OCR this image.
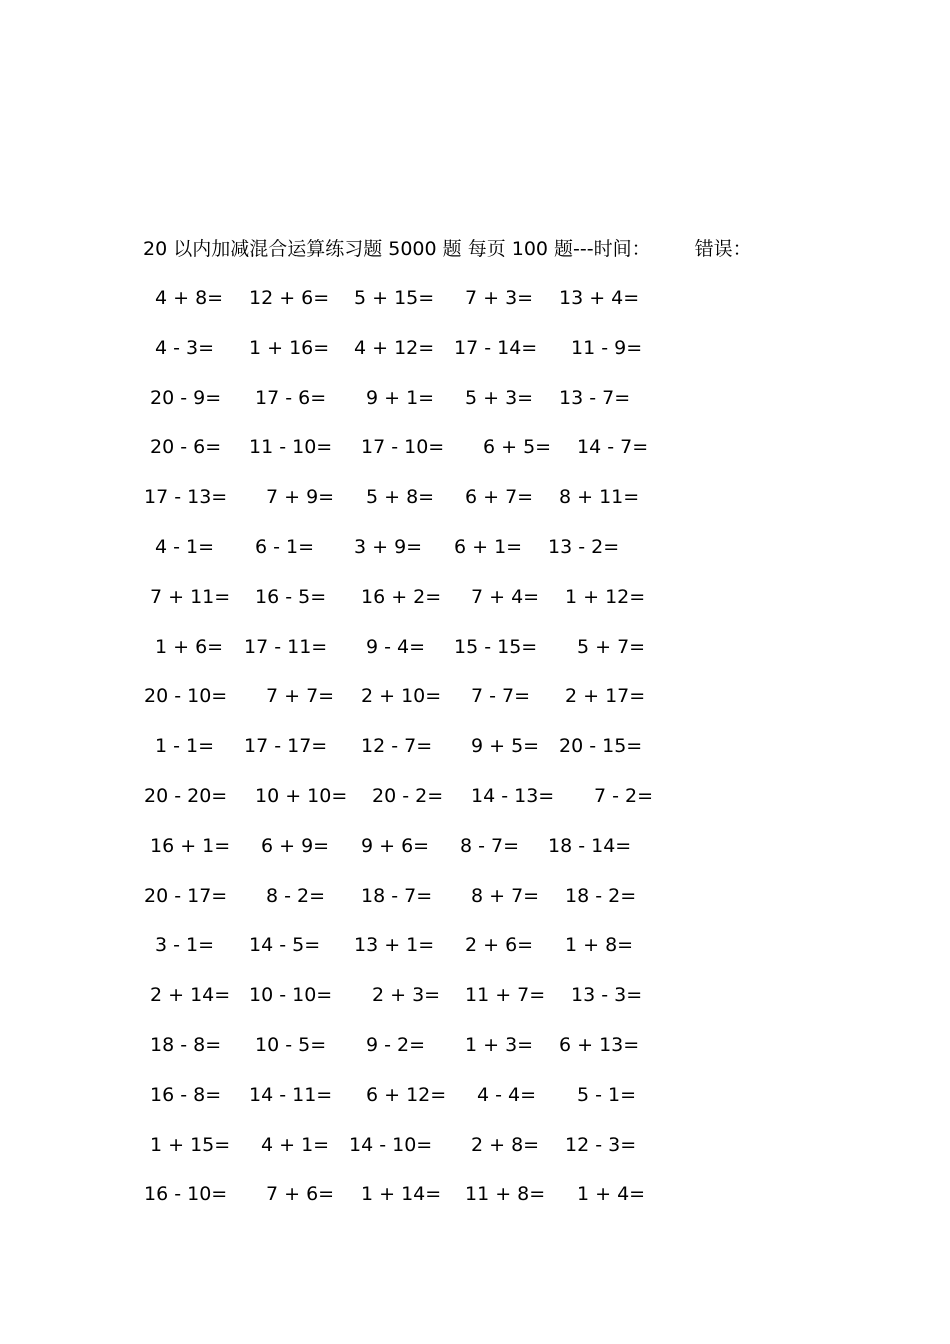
20 以内加减混合运算练习题 5000 题 每页 100 题---时间： 错误：
4 + 8= 12 + 6= 5 + 15= 7 + 3= 13 + 4=
4 - 3= 1 + 16= 4 + 12= 17 - 14= 11 - 9=
20 - 9= 17 - 6= 9 + 1= 5 + 3= 13 - 7=
20 - 6= 11 - 10= 17 - 10= 6 + 5= 14 - 7=
17 - 13= 7 + 9= 5 + 8= 6 + 7= 8 + 11=
4 - 1= 6 - 1= 3 + 9= 6 + 1= 13 - 2=
7 + 11= 16 - 5= 16 + 2= 7 + 4= 1 + 12=
1 + 6= 17 - 11= 9 - 4= 15 - 15= 5 + 7=
20 - 10= 7 + 7= 2 + 10= 7 - 7= 2 + 17=
1 - 1= 17 - 17= 12 - 7= 9 + 5= 20 - 15=
20 - 20= 10 + 10= 20 - 2= 14 - 13= 7 - 2=
16 + 1= 6 + 9= 9 + 6= 8 - 7= 18 - 14=
20 - 17= 8 - 2= 18 - 7= 8 + 7= 18 - 2=
3 - 1= 14 - 5= 13 + 1= 2 + 6= 1 + 8=
2 + 14= 10 - 10= 2 + 3= 11 + 7= 13 - 3=
18 - 8= 10 - 5= 9 - 2= 1 + 3= 6 + 13=
16 - 8= 14 - 11= 6 + 12= 4 - 4= 5 - 1=
1 + 15= 4 + 1= 14 - 10= 2 + 8= 12 - 3=
16 - 10= 7 + 6= 1 + 14= 11 + 8= 1 + 4=
